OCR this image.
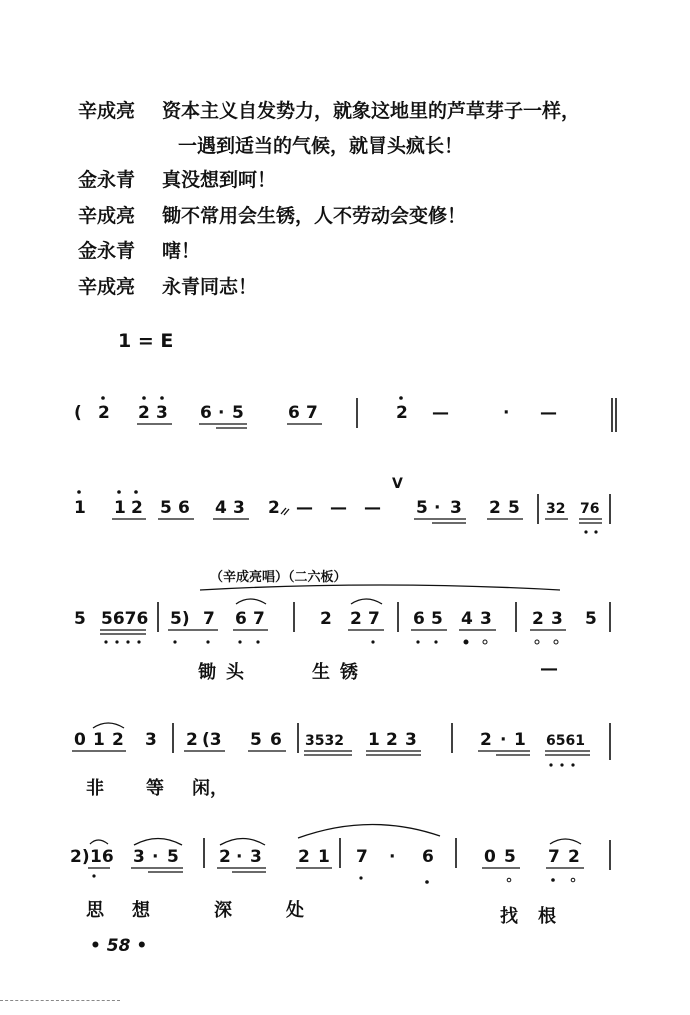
辛成亮 资本主义自发势力，就象这地里的芦草芽子一样，
一遇到适当的气候，就冒头疯长！
金永青 真没想到呵！
辛成亮 锄不常用会生锈，人不劳动会变修！
金永青 嗐！
辛成亮 永青同志！
1 = E
( 2 2 3 6 · 5	6 7	2 —	· —
1 1 2 5 6 4 3 2 — — —
V
5 · 3 2 5 32 76
（辛成亮唱）（二六板）
5 5676 5) 7 6 7	2 2 7 6 5 4 3 2 3 5
锄 头	生 锈	—
0 1 2 3 2 (3 5 6 3532 1 2 3	2 · 1 6561
非 等 闲，
2) 16 3 · 5 2 · 3 2 1 7 · 6	0 5 7 2
思 想	深	处	找 根
• 58 •
